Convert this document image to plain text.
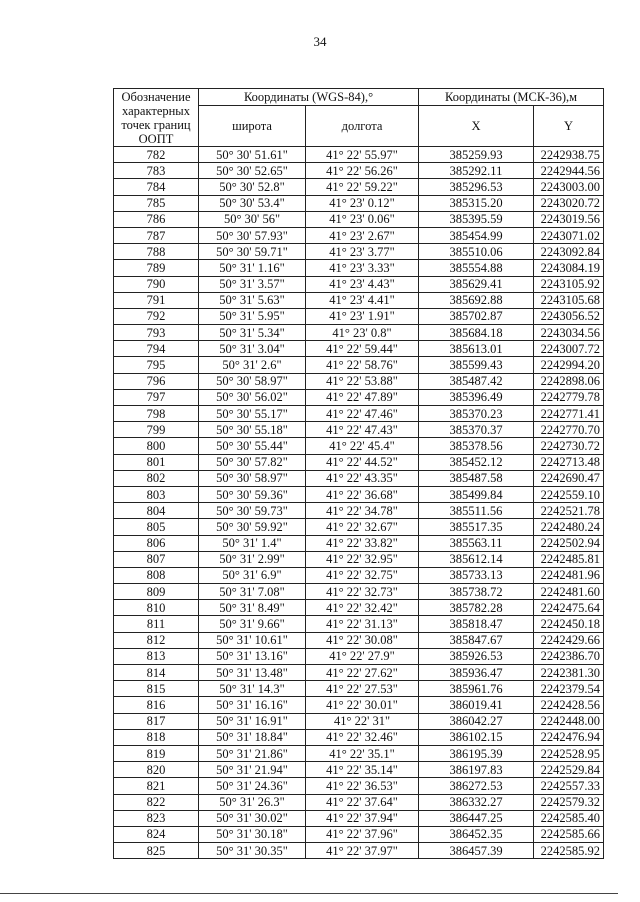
34
Обозначение характерных точек границ ООПТ	Координаты (WGS-84),°		Координаты (МСК-36),м	
	широта	долгота	X	Y
782	50° 30' 51.61"	41° 22' 55.97"	385259.93	2242938.75
783	50° 30' 52.65"	41° 22' 56.26"	385292.11	2242944.56
784	50° 30' 52.8"	41° 22' 59.22"	385296.53	2243003.00
785	50° 30' 53.4"	41° 23' 0.12"	385315.20	2243020.72
786	50° 30' 56"	41° 23' 0.06"	385395.59	2243019.56
787	50° 30' 57.93"	41° 23' 2.67"	385454.99	2243071.02
788	50° 30' 59.71"	41° 23' 3.77"	385510.06	2243092.84
789	50° 31' 1.16"	41° 23' 3.33"	385554.88	2243084.19
790	50° 31' 3.57"	41° 23' 4.43"	385629.41	2243105.92
791	50° 31' 5.63"	41° 23' 4.41"	385692.88	2243105.68
792	50° 31' 5.95"	41° 23' 1.91"	385702.87	2243056.52
793	50° 31' 5.34"	41° 23' 0.8"	385684.18	2243034.56
794	50° 31' 3.04"	41° 22' 59.44"	385613.01	2243007.72
795	50° 31' 2.6"	41° 22' 58.76"	385599.43	2242994.20
796	50° 30' 58.97"	41° 22' 53.88"	385487.42	2242898.06
797	50° 30' 56.02"	41° 22' 47.89"	385396.49	2242779.78
798	50° 30' 55.17"	41° 22' 47.46"	385370.23	2242771.41
799	50° 30' 55.18"	41° 22' 47.43"	385370.37	2242770.70
800	50° 30' 55.44"	41° 22' 45.4"	385378.56	2242730.72
801	50° 30' 57.82"	41° 22' 44.52"	385452.12	2242713.48
802	50° 30' 58.97"	41° 22' 43.35"	385487.58	2242690.47
803	50° 30' 59.36"	41° 22' 36.68"	385499.84	2242559.10
804	50° 30' 59.73"	41° 22' 34.78"	385511.56	2242521.78
805	50° 30' 59.92"	41° 22' 32.67"	385517.35	2242480.24
806	50° 31' 1.4"	41° 22' 33.82"	385563.11	2242502.94
807	50° 31' 2.99"	41° 22' 32.95"	385612.14	2242485.81
808	50° 31' 6.9"	41° 22' 32.75"	385733.13	2242481.96
809	50° 31' 7.08"	41° 22' 32.73"	385738.72	2242481.60
810	50° 31' 8.49"	41° 22' 32.42"	385782.28	2242475.64
811	50° 31' 9.66"	41° 22' 31.13"	385818.47	2242450.18
812	50° 31' 10.61"	41° 22' 30.08"	385847.67	2242429.66
813	50° 31' 13.16"	41° 22' 27.9"	385926.53	2242386.70
814	50° 31' 13.48"	41° 22' 27.62"	385936.47	2242381.30
815	50° 31' 14.3"	41° 22' 27.53"	385961.76	2242379.54
816	50° 31' 16.16"	41° 22' 30.01"	386019.41	2242428.56
817	50° 31' 16.91"	41° 22' 31"	386042.27	2242448.00
818	50° 31' 18.84"	41° 22' 32.46"	386102.15	2242476.94
819	50° 31' 21.86"	41° 22' 35.1"	386195.39	2242528.95
820	50° 31' 21.94"	41° 22' 35.14"	386197.83	2242529.84
821	50° 31' 24.36"	41° 22' 36.53"	386272.53	2242557.33
822	50° 31' 26.3"	41° 22' 37.64"	386332.27	2242579.32
823	50° 31' 30.02"	41° 22' 37.94"	386447.25	2242585.40
824	50° 31' 30.18"	41° 22' 37.96"	386452.35	2242585.66
825	50° 31' 30.35"	41° 22' 37.97"	386457.39	2242585.92
